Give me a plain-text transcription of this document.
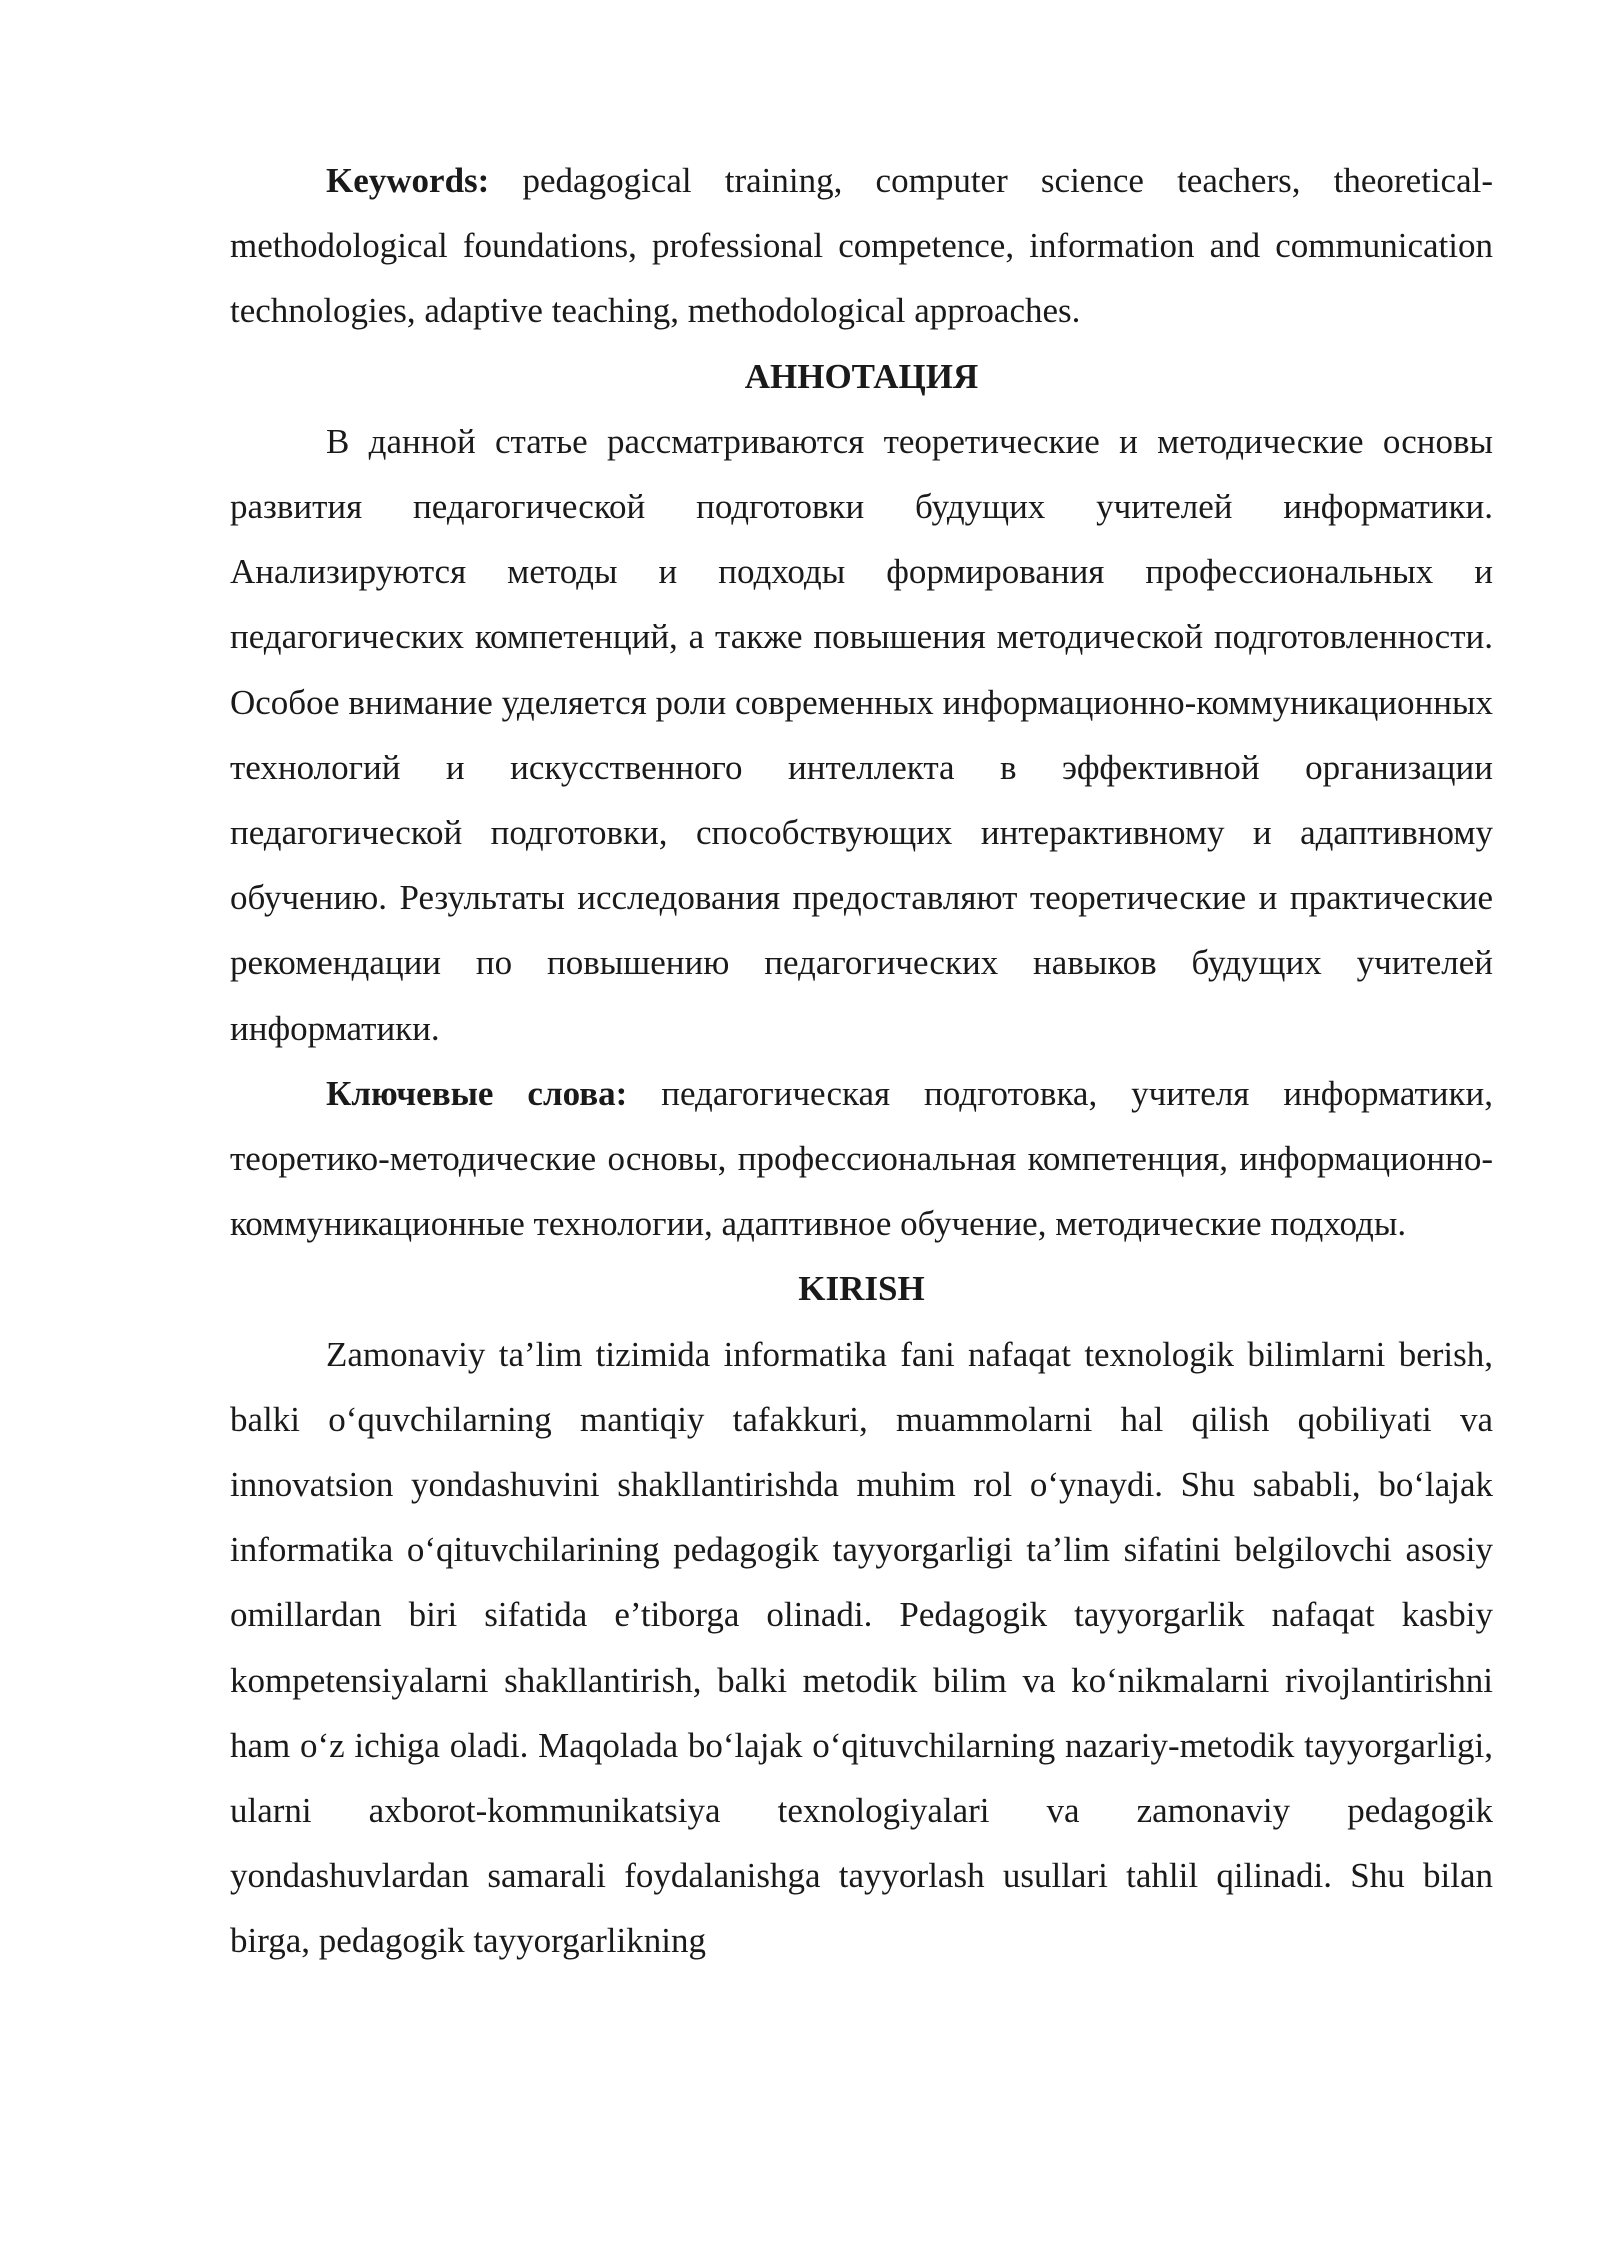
Keywords: pedagogical training, computer science teachers, theoretical-methodological foundations, professional competence, information and communication technologies, adaptive teaching, methodological approaches.

АННОТАЦИЯ

В данной статье рассматриваются теоретические и методические основы развития педагогической подготовки будущих учителей информатики. Анализируются методы и подходы формирования профессиональных и педагогических компетенций, а также повышения методической подготовленности. Особое внимание уделяется роли современных информационно-коммуникационных технологий и искусственного интеллекта в эффективной организации педагогической подготовки, способствующих интерактивному и адаптивному обучению. Результаты исследования предоставляют теоретические и практические рекомендации по повышению педагогических навыков будущих учителей информатики.

Ключевые слова: педагогическая подготовка, учителя информатики, теоретико-методические основы, профессиональная компетенция, информационно-коммуникационные технологии, адаптивное обучение, методические подходы.

KIRISH

Zamonaviy ta’lim tizimida informatika fani nafaqat texnologik bilimlarni berish, balki o‘quvchilarning mantiqiy tafakkuri, muammolarni hal qilish qobiliyati va innovatsion yondashuvini shakllantirishda muhim rol o‘ynaydi. Shu sababli, bo‘lajak informatika o‘qituvchilarining pedagogik tayyorgarligi ta’lim sifatini belgilovchi asosiy omillardan biri sifatida e’tiborga olinadi. Pedagogik tayyorgarlik nafaqat kasbiy kompetensiyalarni shakllantirish, balki metodik bilim va ko‘nikmalarni rivojlantirishni ham o‘z ichiga oladi. Maqolada bo‘lajak o‘qituvchilarning nazariy-metodik tayyorgarligi, ularni axborot-kommunikatsiya texnologiyalari va zamonaviy pedagogik yondashuvlardan samarali foydalanishga tayyorlash usullari tahlil qilinadi. Shu bilan birga, pedagogik tayyorgarlikning
